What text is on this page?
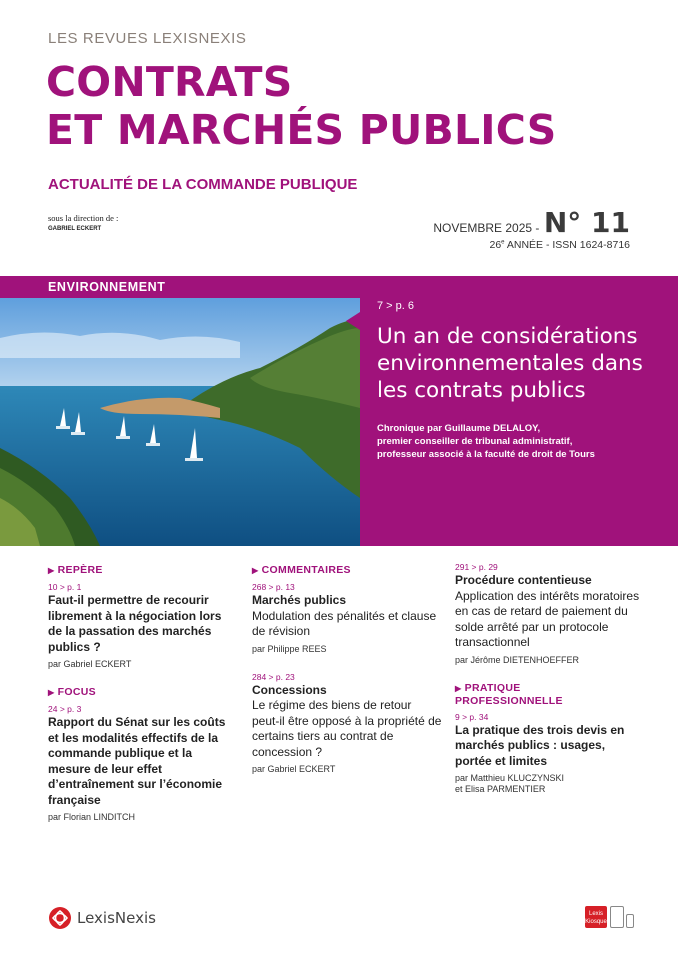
LES REVUES LEXISNEXIS
CONTRATS
ET MARCHÉS PUBLICS
ACTUALITÉ DE LA COMMANDE PUBLIQUE
sous la direction de :
GABRIEL ECKERT	NOVEMBRE 2025 - N° 11
26e ANNÉE - ISSN 1624-8716
ENVIRONNEMENT
7 > p. 6
Un an de considérations environnementales dans les contrats publics
Chronique par Guillaume DELALOY,
premier conseiller de tribunal administratif,
professeur associé à la faculté de droit de Tours
▶ REPÈRE
10 > p. 1
Faut-il permettre de recourir librement à la négociation lors de la passation des marchés publics ?
par Gabriel ECKERT
▶ FOCUS
24 > p. 3
Rapport du Sénat sur les coûts et les modalités effectifs de la commande publique et la mesure de leur effet d’entraînement sur l’économie française
par Florian LINDITCH
▶ COMMENTAIRES
268 > p. 13
Marchés publics
Modulation des pénalités et clause de révision
par Philippe REES
284 > p. 23
Concessions
Le régime des biens de retour peut-il être opposé à la propriété de certains tiers au contrat de concession ?
par Gabriel ECKERT
291 > p. 29
Procédure contentieuse
Application des intérêts moratoires en cas de retard de paiement du solde arrêté par un protocole transactionnel
par Jérôme DIETENHOEFFER
▶ PRATIQUE
PROFESSIONNELLE
9 > p. 34
La pratique des trois devis en marchés publics : usages, portée et limites
par Matthieu KLUCZYNSKI
et Elisa PARMENTIER
LexisNexis	Lexis Kiosque
